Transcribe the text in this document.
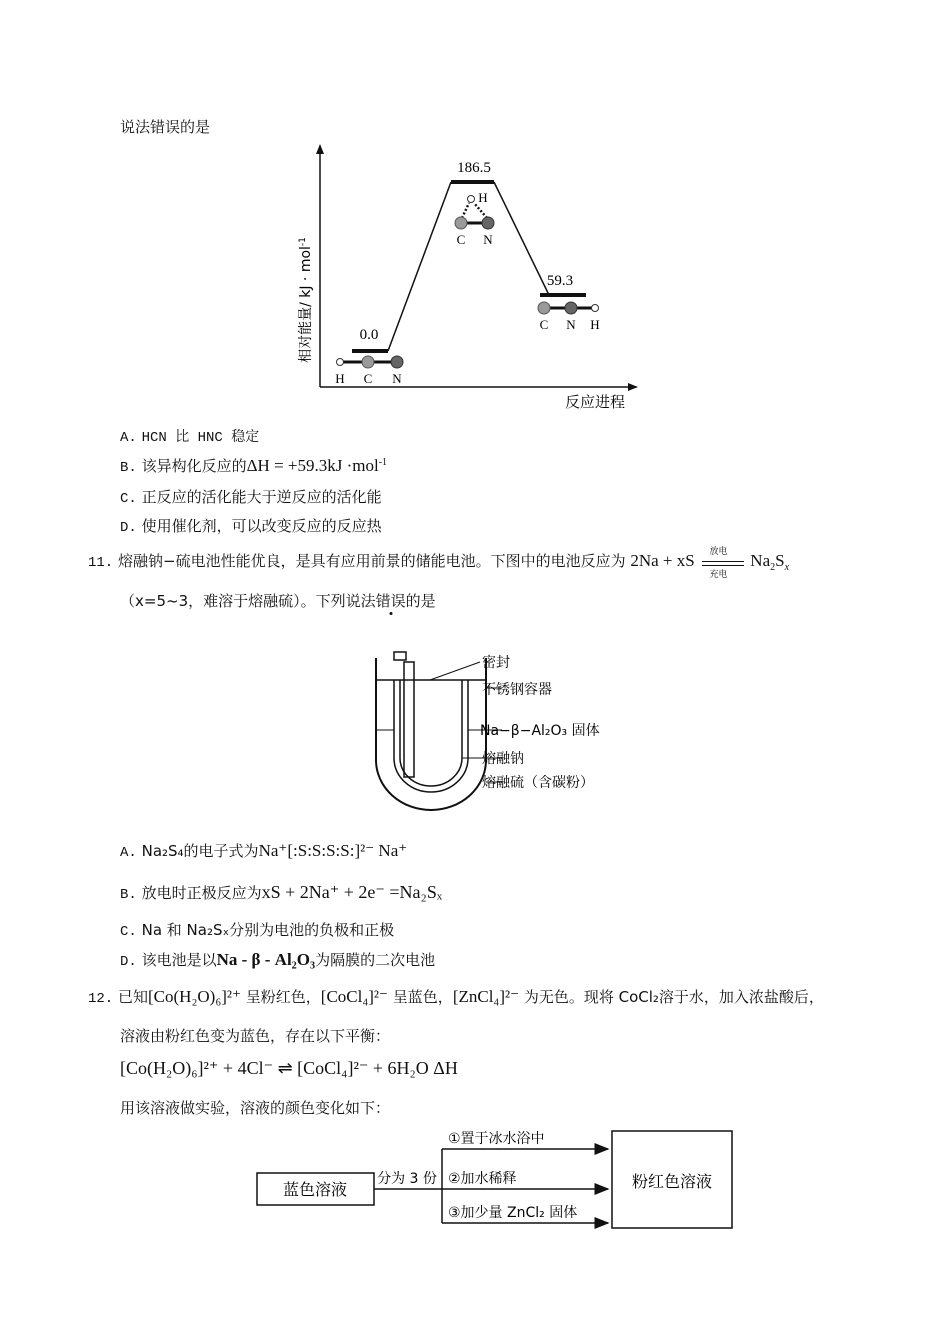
说法错误的是
相对能量/ kJ · mol$^{-1}$
0.0
186.5
59.3
H C N
H
C N
C N H
反应进程
A. HCN 比 HNC 稳定
B. 该异构化反应的ΔH = +59.3kJ ·mol$^{-1}$
C. 正反应的活化能大于逆反应的活化能
D. 使用催化剂，可以改变反应的反应热
11. 熔融钠−硫电池性能优良，是具有应用前景的储能电池。下图中的电池反应为 2Na + xS 放电
充电
$Na_2S_x$
（x=5~3，难溶于熔融硫）。下列说法错误的是
密封
不锈钢容器
Na−β−Al₂O₃ 固体
熔融钠
熔融硫（含碳粉）
A. Na₂S₄的电子式为Na⁺[:S:S:S:S:]²⁻ Na⁺
B. 放电时正极反应为xS + 2Na⁺ + 2e⁻ =Na₂Sₓ
C. Na 和 Na₂Sₓ分别为电池的负极和正极
D. 该电池是以Na - β - Al₂O₃为隔膜的二次电池
12. 已知[Co(H₂O)₆]²⁺ 呈粉红色，[CoCl₄]²⁻ 呈蓝色，[ZnCl₄]²⁻ 为无色。现将 CoCl₂溶于水，加入浓盐酸后，
溶液由粉红色变为蓝色，存在以下平衡：
[Co(H₂O)₆]²⁺ + 4Cl⁻ ⇌ [CoCl₄]²⁻ + 6H₂O ΔH
用该溶液做实验，溶液的颜色变化如下：
蓝色溶液
分为 3 份
①置于冰水浴中
②加水稀释
③加少量 ZnCl₂ 固体
粉红色溶液
